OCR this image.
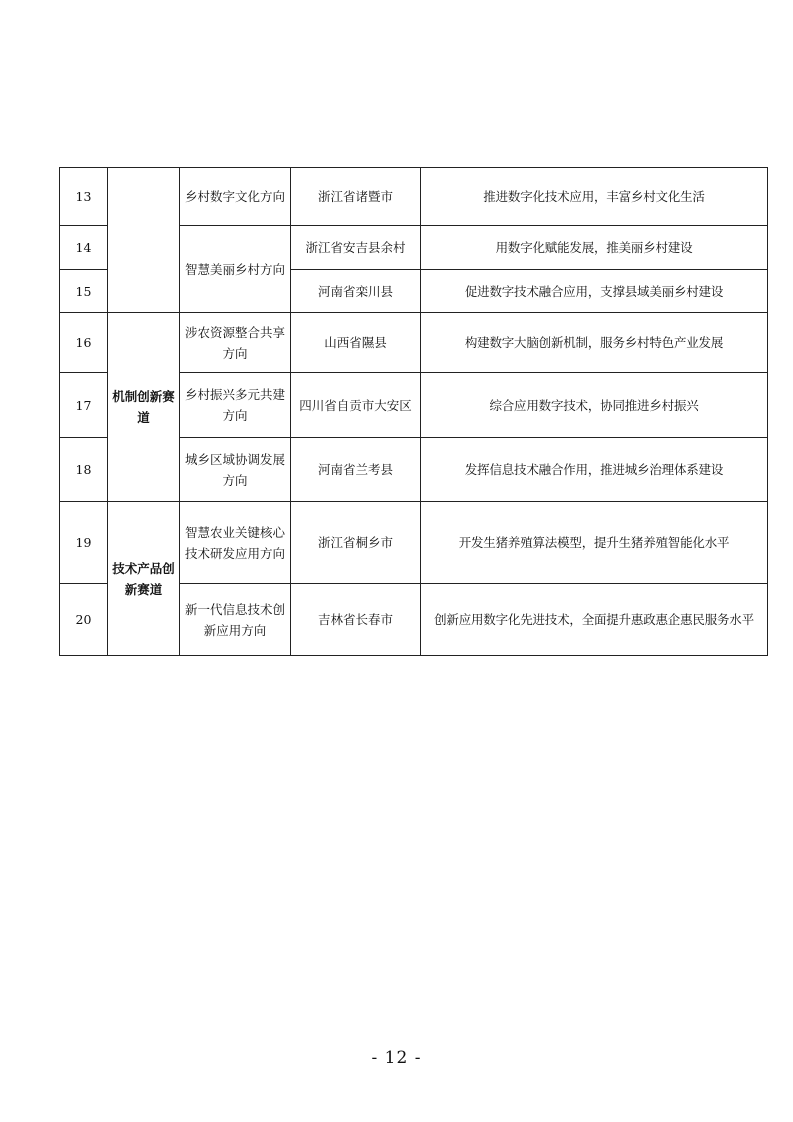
13		乡村数字文化方向	浙江省诸暨市	推进数字化技术应用，丰富乡村文化生活
14		智慧美丽乡村方向	浙江省安吉县余村	用数字化赋能发展，推美丽乡村建设
15			河南省栾川县	促进数字技术融合应用，支撑县域美丽乡村建设
16	机制创新赛道	涉农资源整合共享方向	山西省隰县	构建数字大脑创新机制，服务乡村特色产业发展
17		乡村振兴多元共建方向	四川省自贡市大安区	综合应用数字技术，协同推进乡村振兴
18		城乡区域协调发展方向	河南省兰考县	发挥信息技术融合作用，推进城乡治理体系建设
19	技术产品创新赛道	智慧农业关键核心技术研发应用方向	浙江省桐乡市	开发生猪养殖算法模型，提升生猪养殖智能化水平
20		新一代信息技术创新应用方向	吉林省长春市	创新应用数字化先进技术，全面提升惠政惠企惠民服务水平
- 12 -
